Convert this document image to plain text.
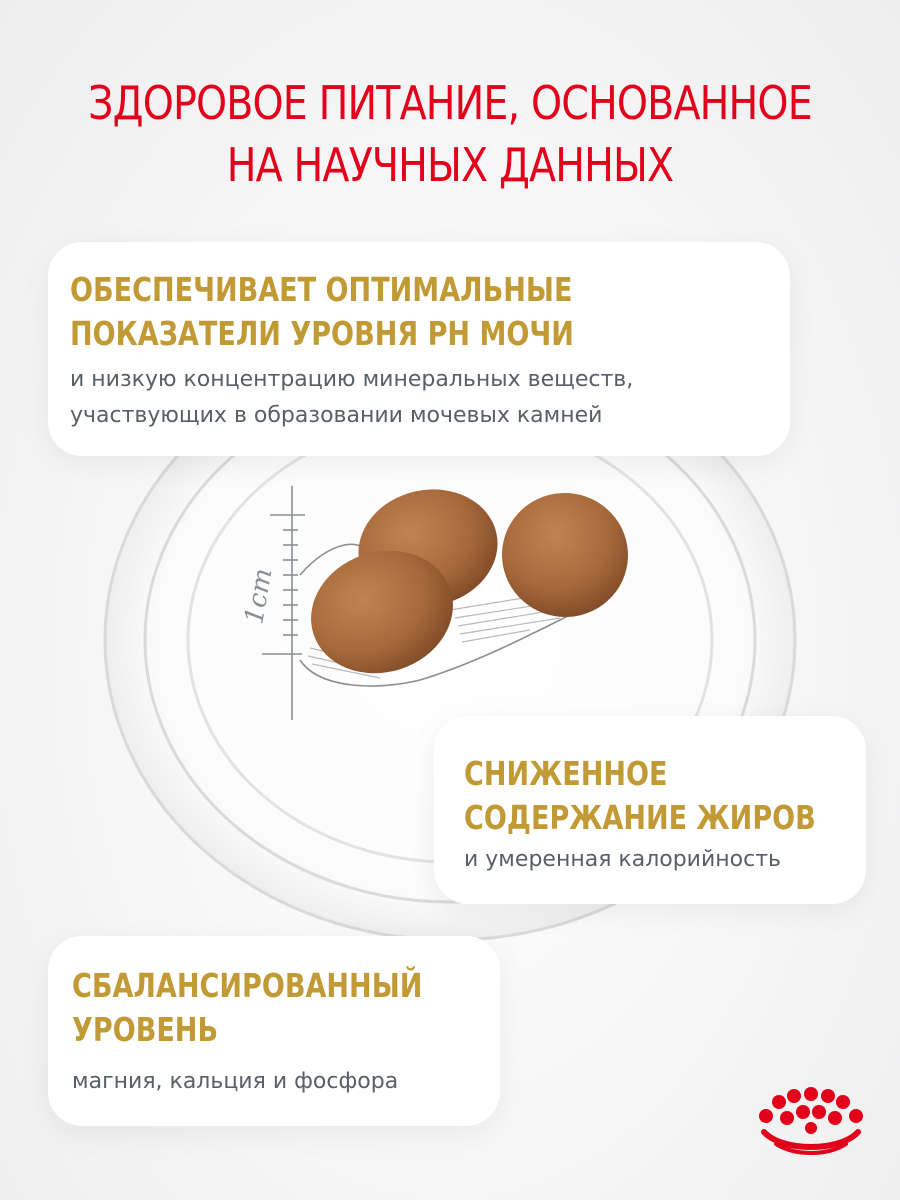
ЗДОРОВОЕ ПИТАНИЕ, ОСНОВАННОЕ
НА НАУЧНЫХ ДАННЫХ
1cm
ОБЕСПЕЧИВАЕТ ОПТИМАЛЬНЫЕ
ПОКАЗАТЕЛИ УРОВНЯ PH МОЧИ
и низкую концентрацию минеральных веществ,
участвующих в образовании мочевых камней
СНИЖЕННОЕ
СОДЕРЖАНИЕ ЖИРОВ
и умеренная калорийность
СБАЛАНСИРОВАННЫЙ
УРОВЕНЬ
магния, кальция и фосфора
